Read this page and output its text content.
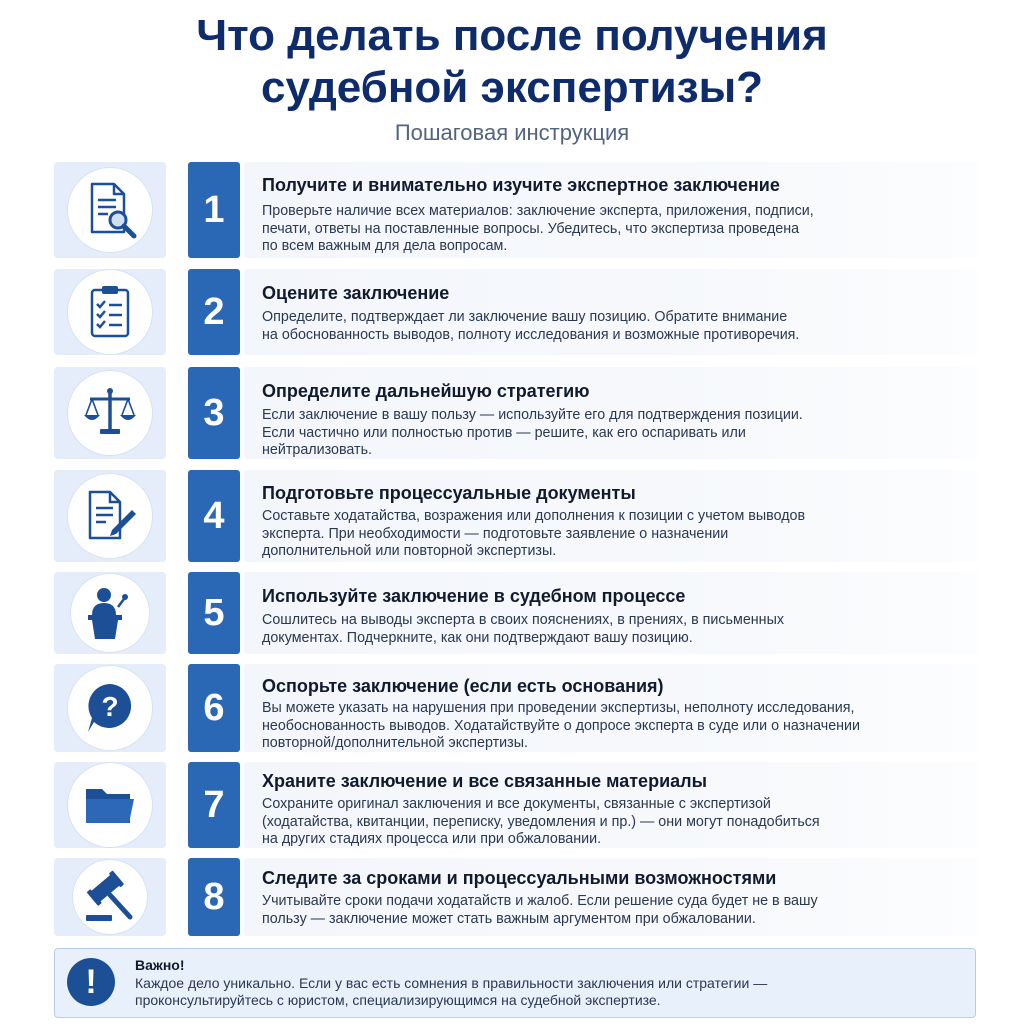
Что делать после получения
судебной экспертизы?
Пошаговая инструкция
1
Получите и внимательно изучите экспертное заключение
Проверьте наличие всех материалов: заключение эксперта, приложения, подписи,
печати, ответы на поставленные вопросы. Убедитесь, что экспертиза проведена
по всем важным для дела вопросам.
2	Оцените заключение
Определите, подтверждает ли заключение вашу позицию. Обратите внимание
на обоснованность выводов, полноту исследования и возможные противоречия.
3
Определите дальнейшую стратегию
Если заключение в вашу пользу — используйте его для подтверждения позиции.
Если частично или полностью против — решите, как его оспаривать или
нейтрализовать.
4
Подготовьте процессуальные документы
Составьте ходатайства, возражения или дополнения к позиции с учетом выводов
эксперта. При необходимости — подготовьте заявление о назначении
дополнительной или повторной экспертизы.
5	Используйте заключение в судебном процессе
Сошлитесь на выводы эксперта в своих пояснениях, в прениях, в письменных
документах. Подчеркните, как они подтверждают вашу позицию.
?	6
Оспорьте заключение (если есть основания)
Вы можете указать на нарушения при проведении экспертизы, неполноту исследования,
необоснованность выводов. Ходатайствуйте о допросе эксперта в суде или о назначении
повторной/дополнительной экспертизы.
7
Храните заключение и все связанные материалы
Сохраните оригинал заключения и все документы, связанные с экспертизой
(ходатайства, квитанции, переписку, уведомления и пр.) — они могут понадобиться
на других стадиях процесса или при обжаловании.
8	Следите за сроками и процессуальными возможностями
Учитывайте сроки подачи ходатайств и жалоб. Если решение суда будет не в вашу
пользу — заключение может стать важным аргументом при обжаловании.
!	Важно!
Каждое дело уникально. Если у вас есть сомнения в правильности заключения или стратегии —
проконсультируйтесь с юристом, специализирующимся на судебной экспертизе.
